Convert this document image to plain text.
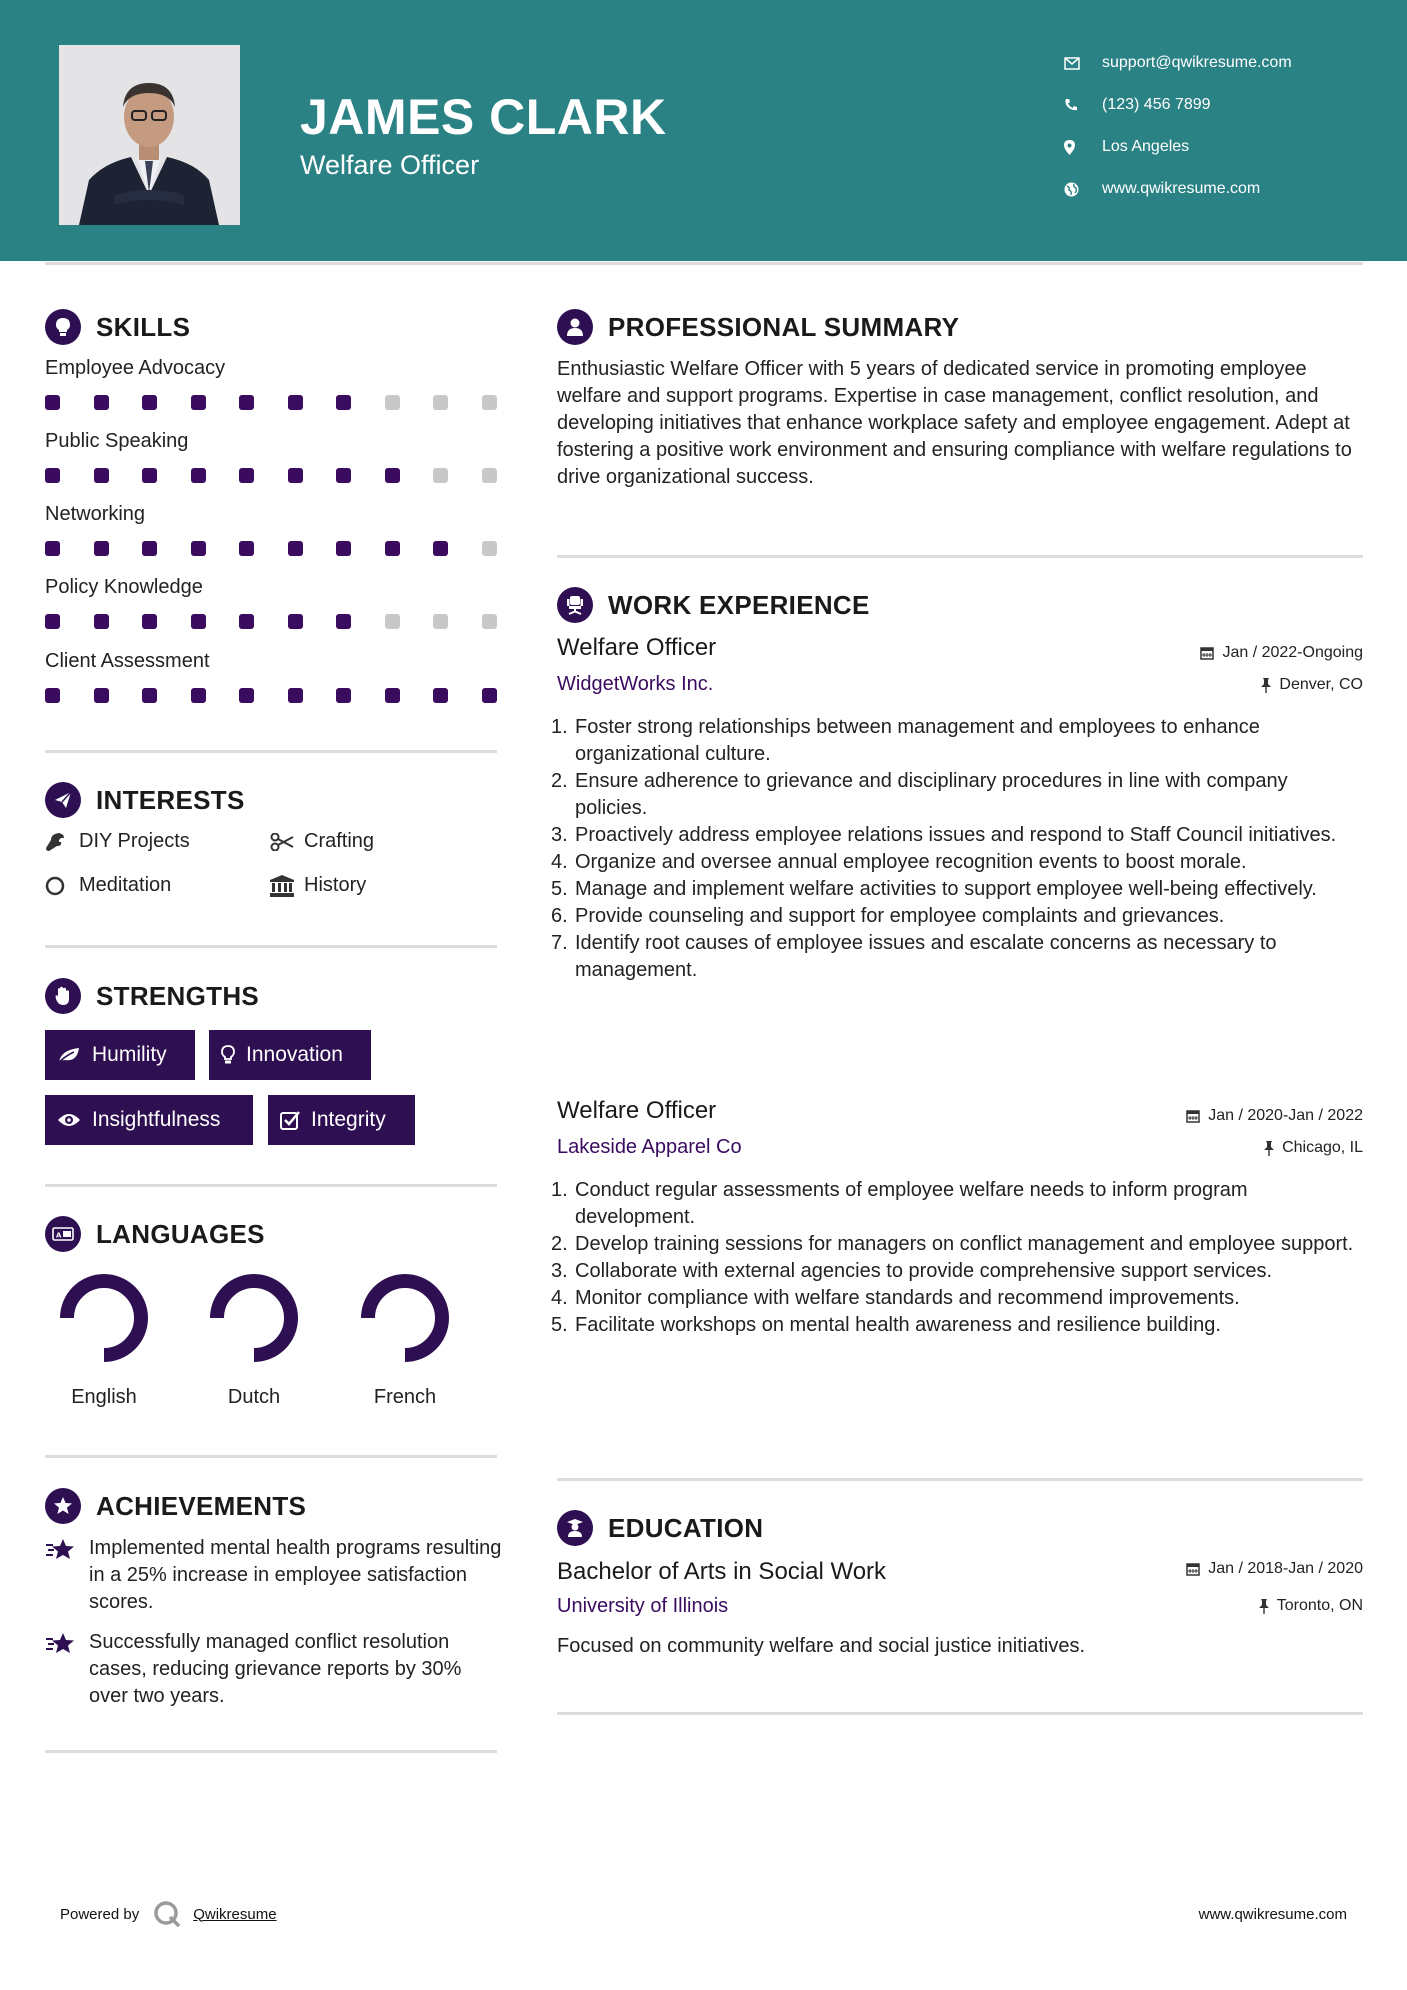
JAMES CLARK
Welfare Officer
support@qwikresume.com
(123) 456 7899
Los Angeles
www.qwikresume.com
SKILLS
Employee Advocacy
Public Speaking
Networking
Policy Knowledge
Client Assessment
INTERESTS
DIY Projects	Crafting
Meditation	History
STRENGTHS
Humility	Innovation
Insightfulness	Integrity
A LANGUAGES
English	Dutch	French
ACHIEVEMENTS
Implemented mental health programs resulting in a 25% increase in employee satisfaction scores.
Successfully managed conflict resolution cases, reducing grievance reports by 30% over two years.
PROFESSIONAL SUMMARY
Enthusiastic Welfare Officer with 5 years of dedicated service in promoting employee welfare and support programs. Expertise in case management, conflict resolution, and developing initiatives that enhance workplace safety and employee engagement. Adept at fostering a positive work environment and ensuring compliance with welfare regulations to drive organizational success.
WORK EXPERIENCE
Welfare Officer	Jan / 2022-Ongoing
WidgetWorks Inc.	Denver, CO
1. Foster strong relationships between management and employees to enhance organizational culture.
2. Ensure adherence to grievance and disciplinary procedures in line with company policies.
3. Proactively address employee relations issues and respond to Staff Council initiatives.
4. Organize and oversee annual employee recognition events to boost morale.
5. Manage and implement welfare activities to support employee well-being effectively.
6. Provide counseling and support for employee complaints and grievances.
7. Identify root causes of employee issues and escalate concerns as necessary to management.
Welfare Officer	Jan / 2020-Jan / 2022
Lakeside Apparel Co	Chicago, IL
1. Conduct regular assessments of employee welfare needs to inform program development.
2. Develop training sessions for managers on conflict management and employee support.
3. Collaborate with external agencies to provide comprehensive support services.
4. Monitor compliance with welfare standards and recommend improvements.
5. Facilitate workshops on mental health awareness and resilience building.
EDUCATION
Bachelor of Arts in Social Work	Jan / 2018-Jan / 2020
University of Illinois	Toronto, ON
Focused on community welfare and social justice initiatives.
Powered by	Qwikresume	www.qwikresume.com
